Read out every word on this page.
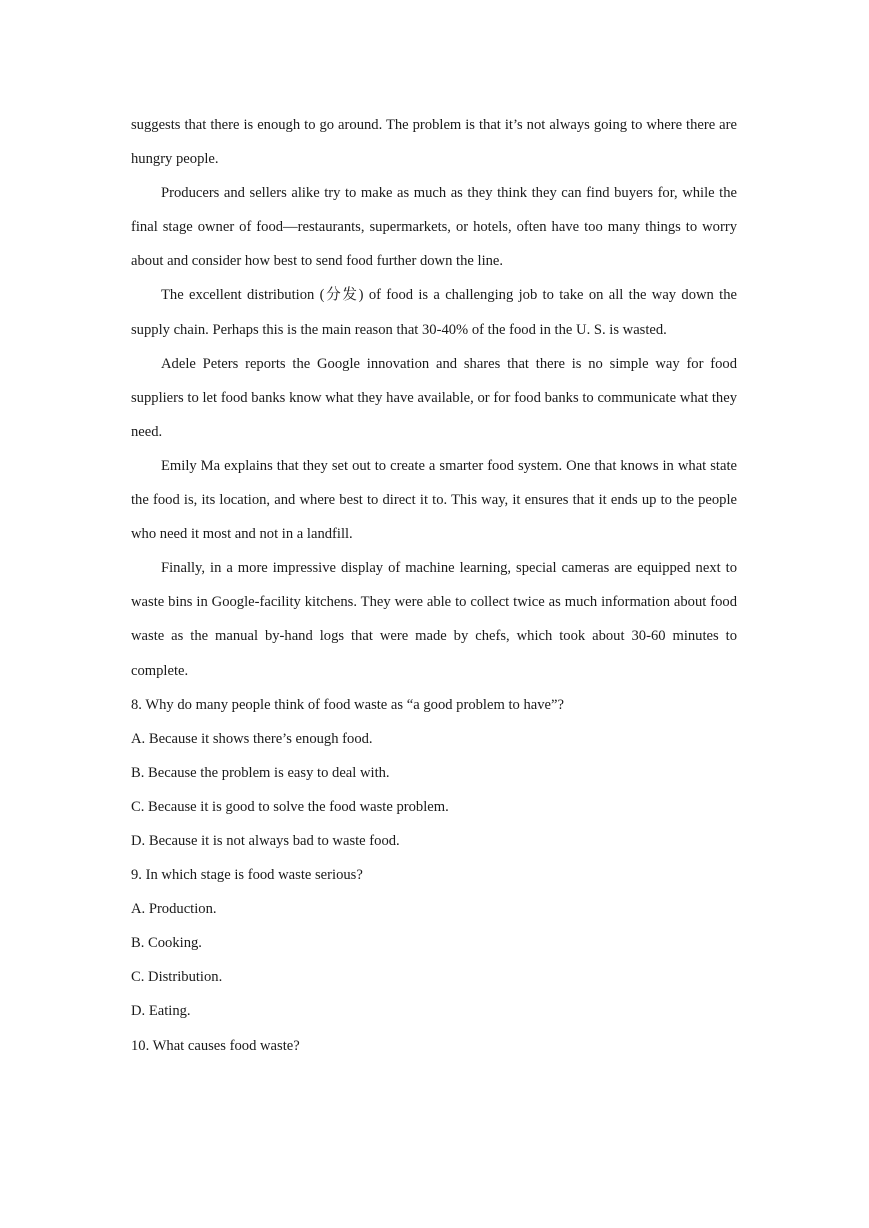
suggests that there is enough to go around. The problem is that it’s not always going to where there are hungry people.

Producers and sellers alike try to make as much as they think they can find buyers for, while the final stage owner of food—restaurants, supermarkets, or hotels, often have too many things to worry about and consider how best to send food further down the line.

The excellent distribution (分发) of food is a challenging job to take on all the way down the supply chain. Perhaps this is the main reason that 30-40% of the food in the U. S. is wasted.

Adele Peters reports the Google innovation and shares that there is no simple way for food suppliers to let food banks know what they have available, or for food banks to communicate what they need.

Emily Ma explains that they set out to create a smarter food system. One that knows in what state the food is, its location, and where best to direct it to. This way, it ensures that it ends up to the people who need it most and not in a landfill.

Finally, in a more impressive display of machine learning, special cameras are equipped next to waste bins in Google-facility kitchens. They were able to collect twice as much information about food waste as the manual by-hand logs that were made by chefs, which took about 30-60 minutes to complete.

8. Why do many people think of food waste as “a good problem to have”?

A. Because it shows there’s enough food.

B. Because the problem is easy to deal with.

C. Because it is good to solve the food waste problem.

D. Because it is not always bad to waste food.

9. In which stage is food waste serious?

A. Production.

B. Cooking.

C. Distribution.

D. Eating.

10. What causes food waste?
